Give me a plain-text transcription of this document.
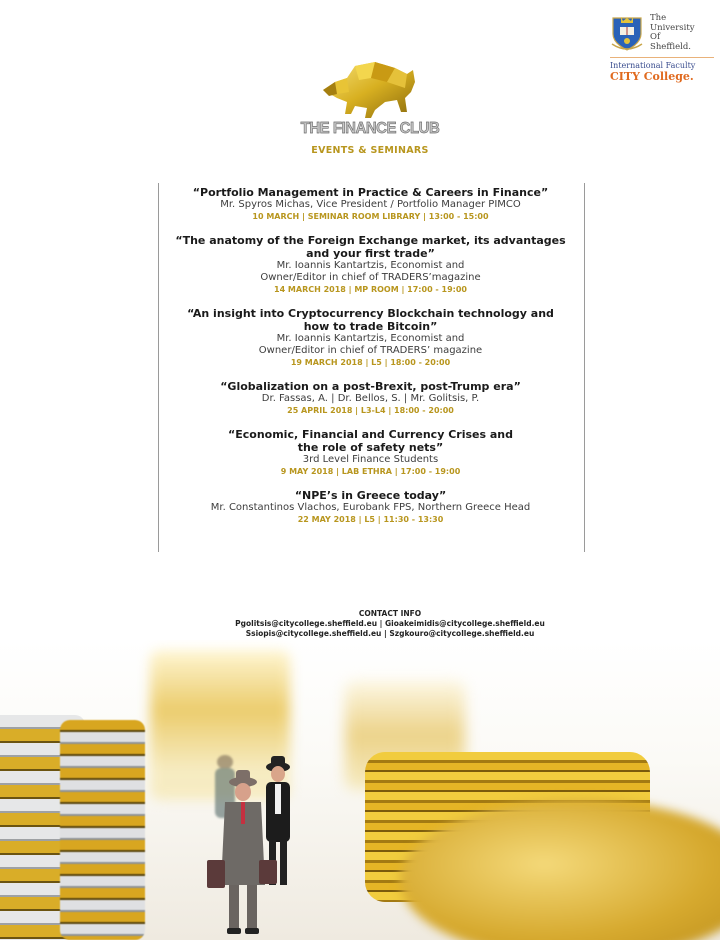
The
University
Of
Sheffield.
International Faculty
CITY College.
THE FINANCE CLUB
EVENTS & SEMINARS
“Portfolio Management in Practice & Careers in Finance”
Mr. Spyros Michas, Vice President / Portfolio Manager PIMCO
10 MARCH | SEMINAR ROOM LIBRARY | 13:00 - 15:00
“The anatomy of the Foreign Exchange market, its advantages
and your first trade”
Mr. Ioannis Kantartzis, Economist and
Owner/Editor in chief of TRADERS’magazine
14 MARCH 2018 | MP ROOM | 17:00 - 19:00
“An insight into Cryptocurrency Blockchain technology and
how to trade Bitcoin”
Mr. Ioannis Kantartzis, Economist and
Owner/Editor in chief of TRADERS’ magazine
19 MARCH 2018 | L5 | 18:00 - 20:00
“Globalization on a post-Brexit, post-Trump era”
Dr. Fassas, A. | Dr. Bellos, S. | Mr. Golitsis, P.
25 APRIL 2018 | L3-L4 | 18:00 - 20:00
“Economic, Financial and Currency Crises and
the role of safety nets”
3rd Level Finance Students
9 MAY 2018 | LAB ETHRA | 17:00 - 19:00
“NPE’s in Greece today”
Mr. Constantinos Vlachos, Eurobank FPS, Northern Greece Head
22 MAY 2018 | L5 | 11:30 - 13:30
CONTACT INFO
Pgolitsis@citycollege.sheffield.eu | Gioakeimidis@citycollege.sheffield.eu
Ssiopis@citycollege.sheffield.eu | Szgkouro@citycollege.sheffield.eu
